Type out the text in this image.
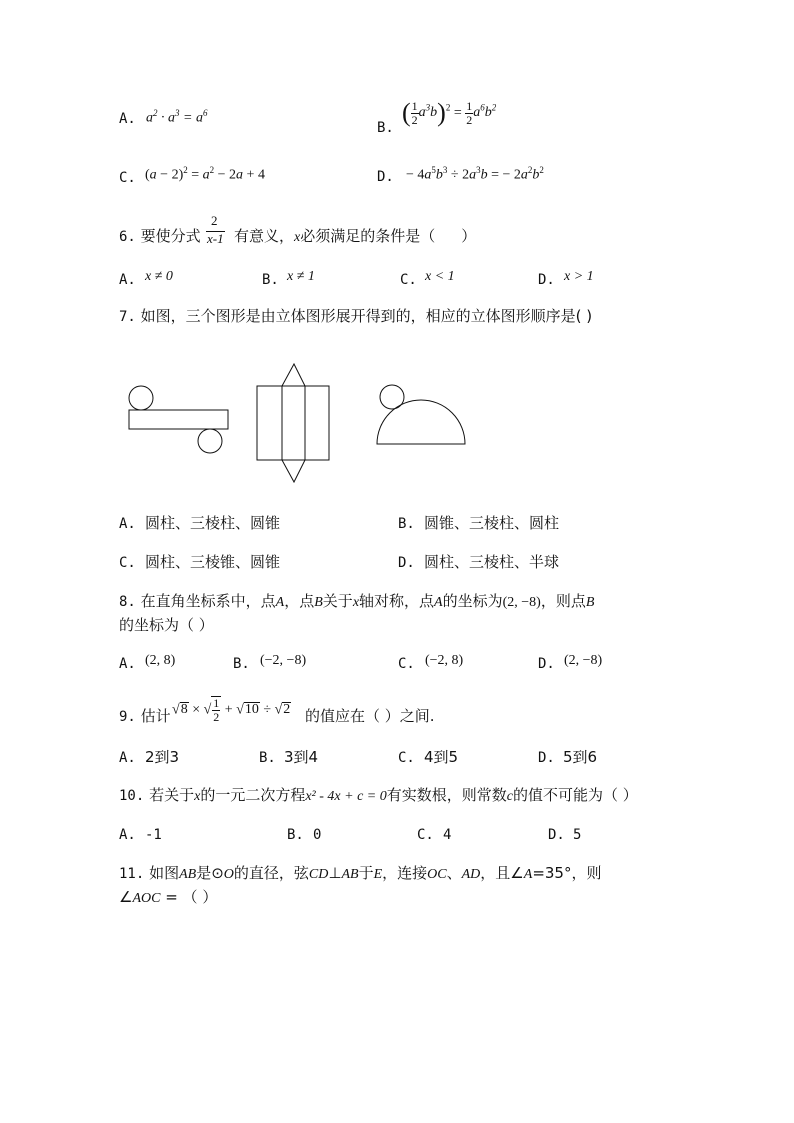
A. $a^2 \cdot a^3 = a^6$
B.
( $\frac{1}{2} a^3b)^2 = \frac{1}{2} a^6b^2$
C. $(a - 2)^2 = a^2 - 2a + 4$	D. − $4a^5b^3 \div 2a^3b$ = − $2a^2b^2$
6. 要使分式
2
x-1 有意义，x必须满足的条件是（ ）
A. x ≠ 0	B. x ≠ 1	C. x < 1	D. x > 1
7. 如图，三个图形是由立体图形展开得到的，相应的立体图形顺序是( )
A. 圆柱、三棱柱、圆锥	B. 圆锥、三棱柱、圆柱
C. 圆柱、三棱锥、圆锥	D. 圆柱、三棱柱、半球
8. 在直角坐标系中，点A，点B关于x轴对称，点A的坐标为(2, −8)，则点B
的坐标为（ ）
A. (2, 8)	B. (−2, −8)	C. (−2, 8)	D. (2, −8)
9. 估计 √8 × √ $\frac{1}{2} + √10 \div √2$ 的值应在（ ）之间.
A. 2到3	B. 3到4	C. 4到5	D. 5到6
10. 若关于x的一元二次方程x² - 4x + c = 0有实数根，则常数c的值不可能为（ ）
A. -1	B. 0	C. 4	D. 5
11. 如图AB是⊙O的直径，弦CD⊥AB于E，连接OC、AD，且∠A=35°，则
∠AOC = （ ）
